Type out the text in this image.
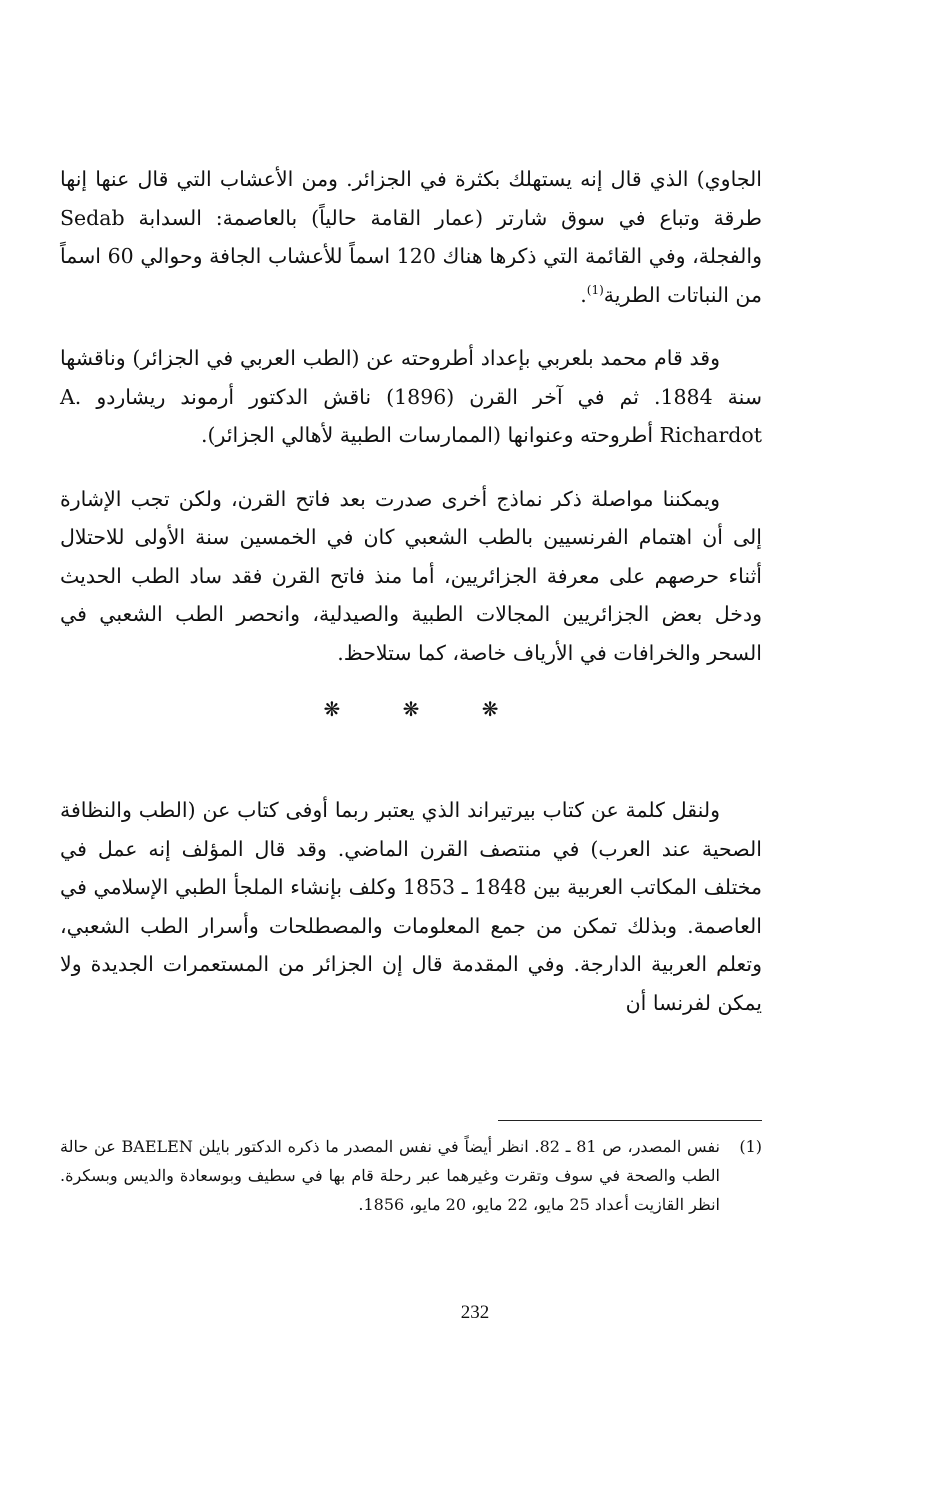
الجاوي) الذي قال إنه يستهلك بكثرة في الجزائر. ومن الأعشاب التي قال عنها إنها طرقة وتباع في سوق شارتر (عمار القامة حالياً) بالعاصمة: السدابة Sedab والفجلة، وفي القائمة التي ذكرها هناك 120 اسماً للأعشاب الجافة وحوالي 60 اسماً من النباتات الطرية$^{(1)}$.

وقد قام محمد بلعربي بإعداد أطروحته عن (الطب العربي في الجزائر) وناقشها سنة 1884. ثم في آخر القرن (1896) ناقش الدكتور أرموند ريشاردو A. Richardot أطروحته وعنوانها (الممارسات الطبية لأهالي الجزائر).

ويمكننا مواصلة ذكر نماذج أخرى صدرت بعد فاتح القرن، ولكن تجب الإشارة إلى أن اهتمام الفرنسيين بالطب الشعبي كان في الخمسين سنة الأولى للاحتلال أثناء حرصهم على معرفة الجزائريين، أما منذ فاتح القرن فقد ساد الطب الحديث ودخل بعض الجزائريين المجالات الطبية والصيدلية، وانحصر الطب الشعبي في السحر والخرافات في الأرياف خاصة، كما ستلاحظ.

❋	❋	❋

ولنقل كلمة عن كتاب بيرتيراند الذي يعتبر ربما أوفى كتاب عن (الطب والنظافة الصحية عند العرب) في منتصف القرن الماضي. وقد قال المؤلف إنه عمل في مختلف المكاتب العربية بين 1848 ـ 1853 وكلف بإنشاء الملجأ الطبي الإسلامي في العاصمة. وبذلك تمكن من جمع المعلومات والمصطلحات وأسرار الطب الشعبي، وتعلم العربية الدارجة. وفي المقدمة قال إن الجزائر من المستعمرات الجديدة ولا يمكن لفرنسا أن

(1)
نفس المصدر، ص 81 ـ 82. انظر أيضاً في نفس المصدر ما ذكره الدكتور بايلن BAELEN عن حالة الطب والصحة في سوف وتقرت وغيرهما عبر رحلة قام بها في سطيف وبوسعادة والديس وبسكرة. انظر القازيت أعداد 25 مايو، 22 مايو، 20 مايو، 1856.
232
